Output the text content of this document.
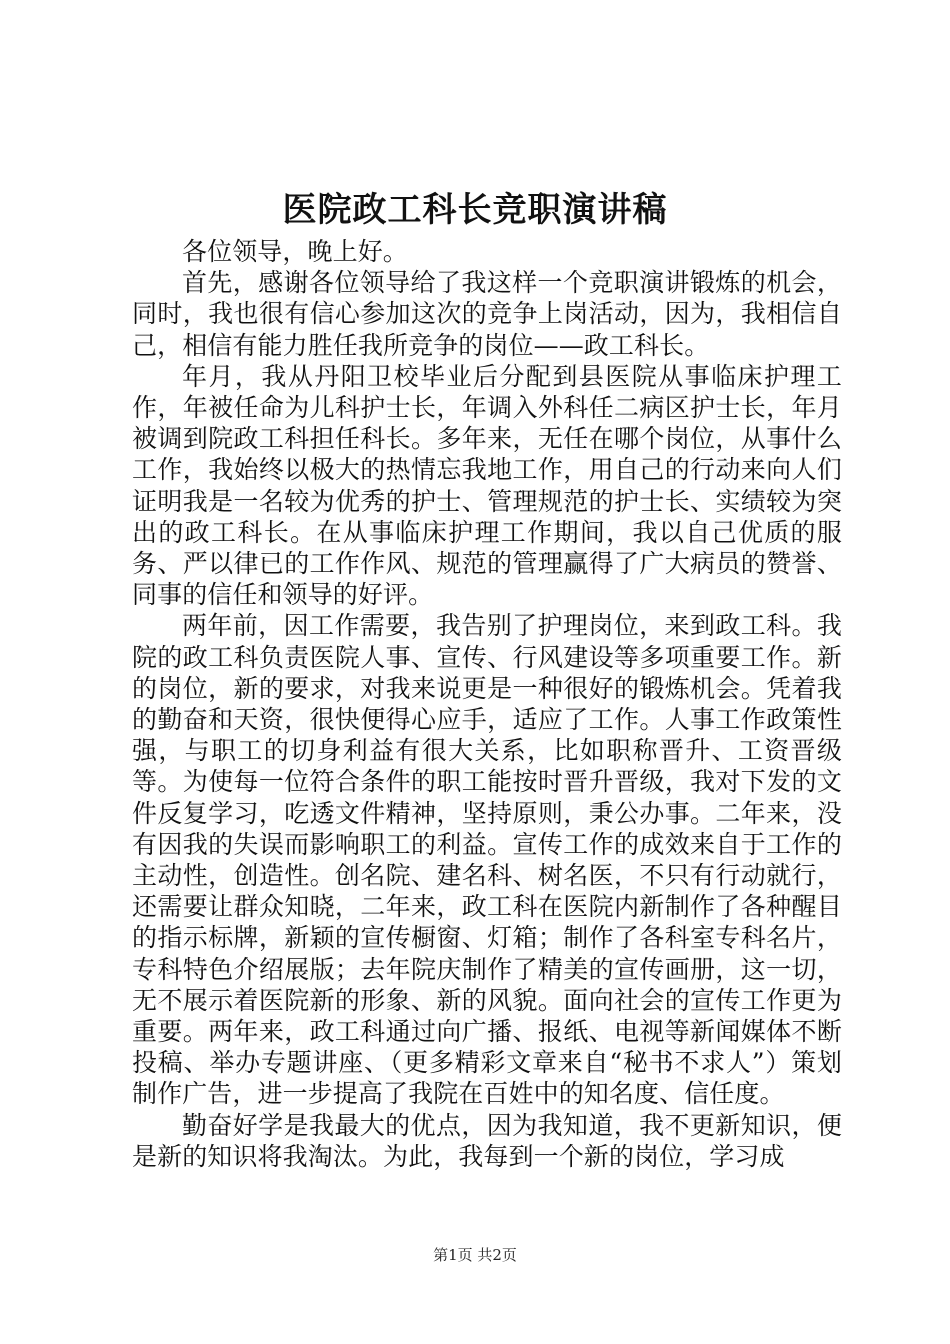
医院政工科长竞职演讲稿

各位领导，晚上好。

首先，感谢各位领导给了我这样一个竞职演讲锻炼的机会，同时，我也很有信心参加这次的竞争上岗活动，因为，我相信自己，相信有能力胜任我所竞争的岗位——政工科长。

年月，我从丹阳卫校毕业后分配到县医院从事临床护理工作，年被任命为儿科护士长，年调入外科任二病区护士长，年月被调到院政工科担任科长。多年来，无任在哪个岗位，从事什么工作，我始终以极大的热情忘我地工作，用自己的行动来向人们证明我是一名较为优秀的护士、管理规范的护士长、实绩较为突出的政工科长。在从事临床护理工作期间，我以自己优质的服务、严以律已的工作作风、规范的管理赢得了广大病员的赞誉、同事的信任和领导的好评。

两年前，因工作需要，我告别了护理岗位，来到政工科。我院的政工科负责医院人事、宣传、行风建设等多项重要工作。新的岗位，新的要求，对我来说更是一种很好的锻炼机会。凭着我的勤奋和天资，很快便得心应手，适应了工作。人事工作政策性强，与职工的切身利益有很大关系，比如职称晋升、工资晋级等。为使每一位符合条件的职工能按时晋升晋级，我对下发的文件反复学习，吃透文件精神，坚持原则，秉公办事。二年来，没有因我的失误而影响职工的利益。宣传工作的成效来自于工作的主动性，创造性。创名院、建名科、树名医，不只有行动就行，还需要让群众知晓，二年来，政工科在医院内新制作了各种醒目的指示标牌，新颖的宣传橱窗、灯箱；制作了各科室专科名片，专科特色介绍展版；去年院庆制作了精美的宣传画册，这一切，无不展示着医院新的形象、新的风貌。面向社会的宣传工作更为重要。两年来，政工科通过向广播、报纸、电视等新闻媒体不断投稿、举办专题讲座、（更多精彩文章来自“秘书不求人”）策划制作广告，进一步提高了我院在百姓中的知名度、信任度。

勤奋好学是我最大的优点，因为我知道，我不更新知识，便是新的知识将我淘汰。为此，我每到一个新的岗位，学习成

第1页 共2页
